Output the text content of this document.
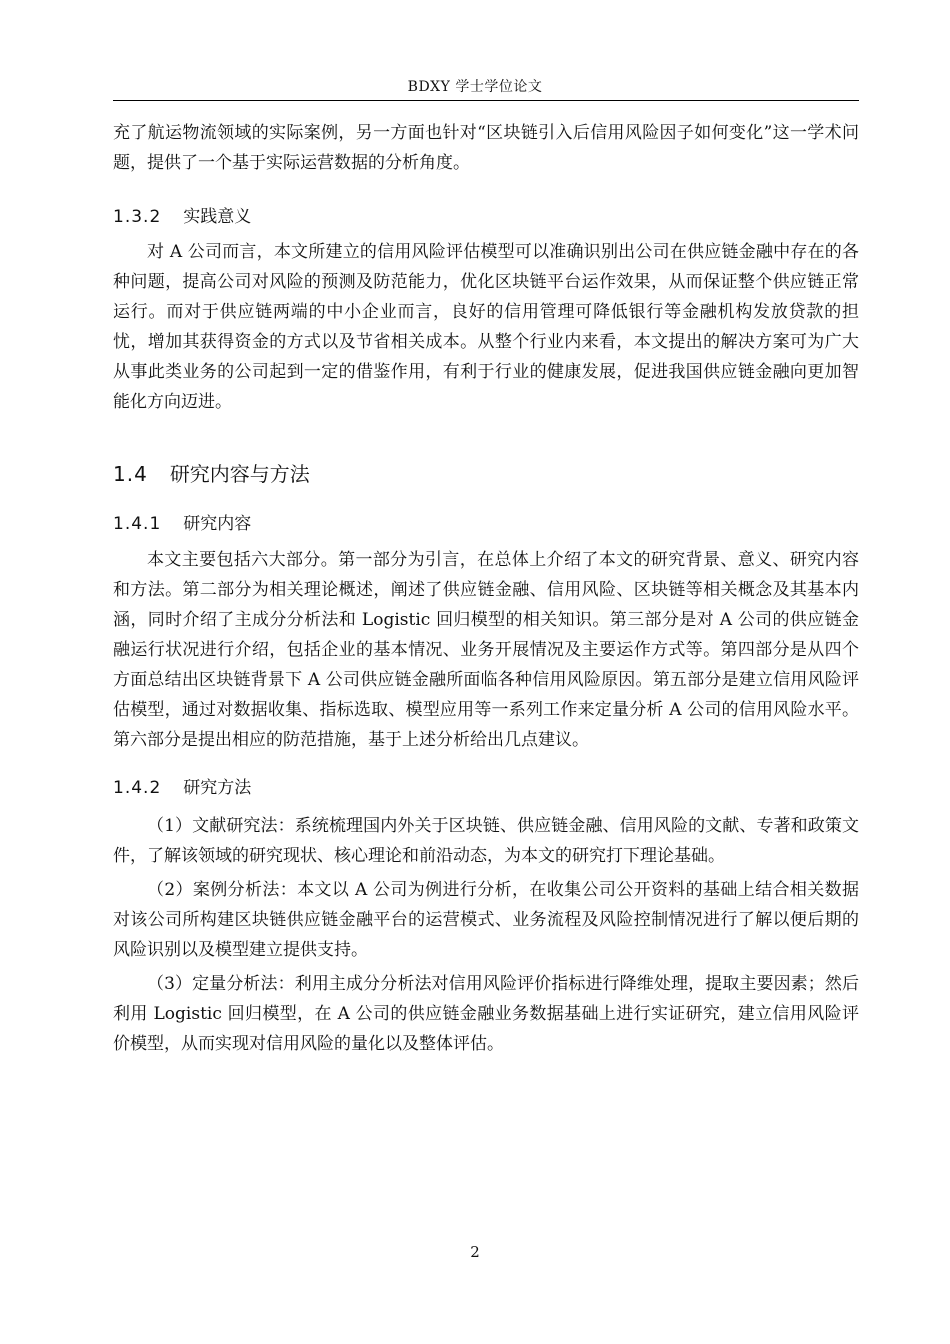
BDXY 学士学位论文

充了航运物流领域的实际案例，另一方面也针对“区块链引入后信用风险因子如何变化”这一学术问题，提供了一个基于实际运营数据的分析角度。

1.3.2 实践意义

对 A 公司而言，本文所建立的信用风险评估模型可以准确识别出公司在供应链金融中存在的各种问题，提高公司对风险的预测及防范能力，优化区块链平台运作效果，从而保证整个供应链正常运行。而对于供应链两端的中小企业而言，良好的信用管理可降低银行等金融机构发放贷款的担忧，增加其获得资金的方式以及节省相关成本。从整个行业内来看，本文提出的解决方案可为广大从事此类业务的公司起到一定的借鉴作用，有利于行业的健康发展，促进我国供应链金融向更加智能化方向迈进。

1.4 研究内容与方法
1.4.1 研究内容

本文主要包括六大部分。第一部分为引言，在总体上介绍了本文的研究背景、意义、研究内容和方法。第二部分为相关理论概述，阐述了供应链金融、信用风险、区块链等相关概念及其基本内涵，同时介绍了主成分分析法和 Logistic 回归模型的相关知识。第三部分是对 A 公司的供应链金融运行状况进行介绍，包括企业的基本情况、业务开展情况及主要运作方式等。第四部分是从四个方面总结出区块链背景下 A 公司供应链金融所面临各种信用风险原因。第五部分是建立信用风险评估模型，通过对数据收集、指标选取、模型应用等一系列工作来定量分析 A 公司的信用风险水平。第六部分是提出相应的防范措施，基于上述分析给出几点建议。

1.4.2 研究方法

（1）文献研究法：系统梳理国内外关于区块链、供应链金融、信用风险的文献、专著和政策文件，了解该领域的研究现状、核心理论和前沿动态，为本文的研究打下理论基础。

（2）案例分析法：本文以 A 公司为例进行分析，在收集公司公开资料的基础上结合相关数据对该公司所构建区块链供应链金融平台的运营模式、业务流程及风险控制情况进行了解以便后期的风险识别以及模型建立提供支持。

（3）定量分析法：利用主成分分析法对信用风险评价指标进行降维处理，提取主要因素；然后利用 Logistic 回归模型，在 A 公司的供应链金融业务数据基础上进行实证研究，建立信用风险评价模型，从而实现对信用风险的量化以及整体评估。

2
